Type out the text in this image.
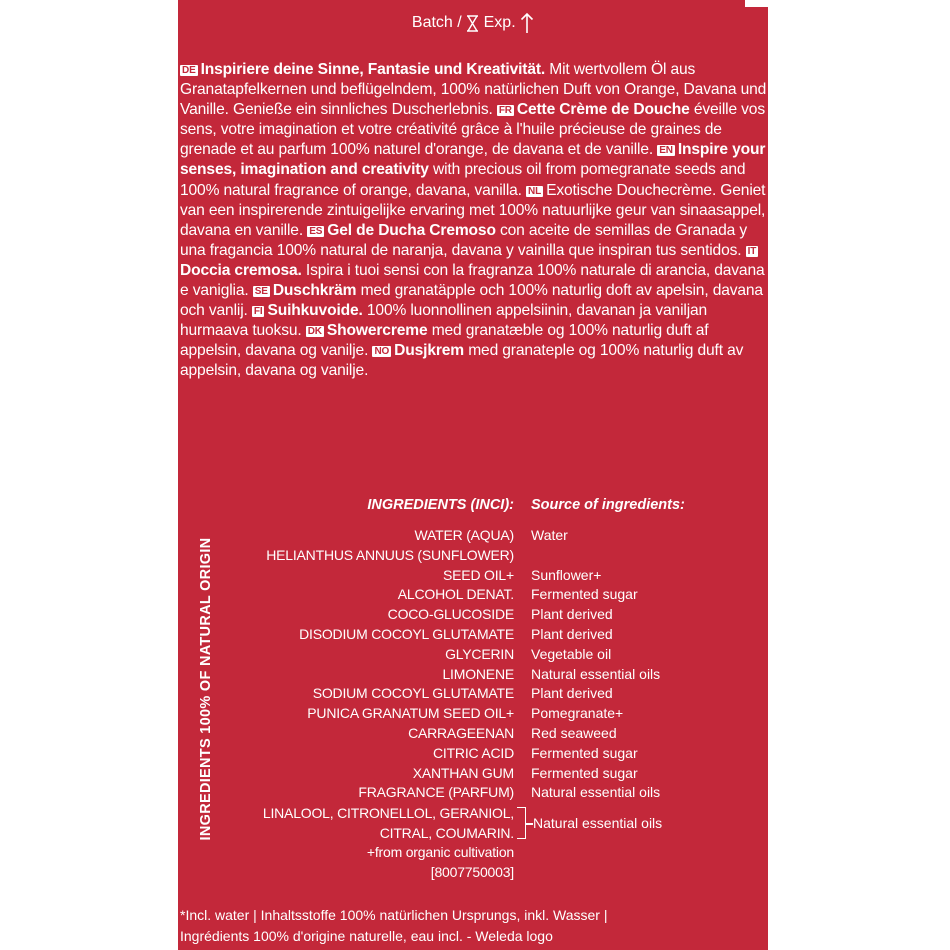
Batch / Exp.
DE Inspiriere deine Sinne, Fantasie und Kreativität. Mit wertvollem Öl aus Granatapfelkernen und beflügelndem, 100% natürlichen Duft von Orange, Davana und Vanille. Genieße ein sinnliches Duscherlebnis. FR Cette Crème de Douche éveille vos sens, votre imagination et votre créativité grâce à l'huile précieuse de graines de grenade et au parfum 100% naturel d'orange, de davana et de vanille. EN Inspire your senses, imagination and creativity with precious oil from pomegranate seeds and 100% natural fragrance of orange, davana, vanilla. NL Exotische Douchecrème. Geniet van een inspirerende zintuigelijke ervaring met 100% natuurlijke geur van sinaasappel, davana en vanille. ES Gel de Ducha Cremoso con aceite de semillas de Granada y una fragancia 100% natural de naranja, davana y vainilla que inspiran tus sentidos. ITDoccia cremosa. Ispira i tuoi sensi con la fragranza 100% naturale di arancia, davana e vaniglia. SE Duschkräm med granatäpple och 100% naturlig doft av apelsin, davana och vanlij. FI Suihkuvoide. 100% luonnollinen appelsiinin, davanan ja vaniljan hurmaava tuoksu. DK Showercreme med granatæble og 100% naturlig duft af appelsin, davana og vanilje. NO Dusjkrem med granateple og 100% naturlig duft av appelsin, davana og vanilje.
INGREDIENTS (INCI): Source of ingredients:
WATER (AQUA) Water
HELIANTHUS ANNUUS (SUNFLOWER)
SEED OIL+ Sunflower+
ALCOHOL DENAT. Fermented sugar
COCO-GLUCOSIDE Plant derived
DISODIUM COCOYL GLUTAMATE Plant derived
GLYCERIN Vegetable oil
LIMONENE Natural essential oils
SODIUM COCOYL GLUTAMATE Plant derived
PUNICA GRANATUM SEED OIL+ Pomegranate+
CARRAGEENAN Red seaweed
CITRIC ACID Fermented sugar
XANTHAN GUM Fermented sugar
FRAGRANCE (PARFUM) Natural essential oils
LINALOOL, CITRONELLOL, GERANIOL,
CITRAL, COUMARIN.
Natural essential oils
+from organic cultivation
[8007750003]
INGREDIENTS 100% OF NATURAL ORIGIN
*Incl. water | Inhaltsstoffe 100% natürlichen Ursprungs, inkl. Wasser |
Ingrédients 100% d'origine naturelle, eau incl. - Weleda logo
